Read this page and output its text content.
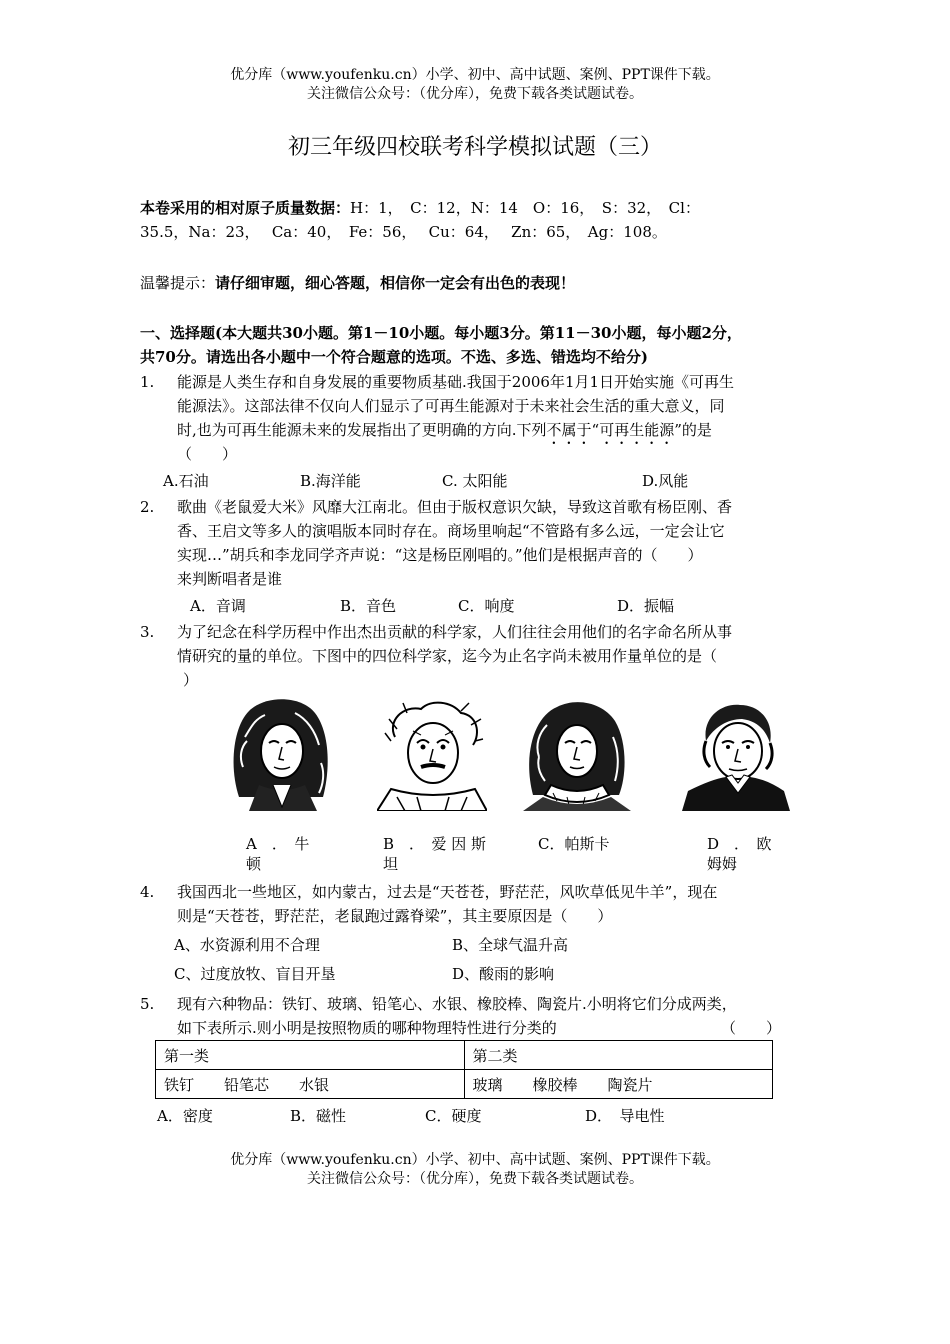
优分库（www.youfenku.cn）小学、初中、高中试题、案例、PPT课件下载。
关注微信公众号：（优分库），免费下载各类试题试卷。
初三年级四校联考科学模拟试题（三）
本卷采用的相对原子质量数据：H：1，　C：12，N：14　O：16，　S：32，　Cl：
35.5，Na：23，　 Ca：40，　Fe：56，　 Cu：64，　 Zn：65，　Ag：108。
温馨提示：请仔细审题，细心答题，相信你一定会有出色的表现！
一、选择题(本大题共30小题。第1－10小题。每小题3分。第11－30小题，每小题2分，
共70分。请选出各小题中一个符合题意的选项。不选、多选、错选均不给分)
1. 能源是人类生存和自身发展的重要物质基础.我国于2006年1月1日开始实施《可再生
能源法》。这部法律不仅向人们显示了可再生能源对于未来社会生活的重大意义，同
时,也为可再生能源未来的发展指出了更明确的方向.下列不属于“可再生能源”的是
（　　）
A.石油	B.海洋能	C. 太阳能	D.风能
2. 歌曲《老鼠爱大米》风靡大江南北。但由于版权意识欠缺，导致这首歌有杨臣刚、香
香、王启文等多人的演唱版本同时存在。商场里响起“不管路有多么远，一定会让它
实现…”胡兵和李龙同学齐声说：“这是杨臣刚唱的。”他们是根据声音的（　　）
来判断唱者是谁
A．音调	B．音色	C．响度	D．振幅
3. 为了纪念在科学历程中作出杰出贡献的科学家，人们往往会用他们的名字命名所从事
情研究的量的单位。下图中的四位科学家，迄今为止名字尚未被用作量单位的是（
）
A　．　牛
顿
B　．　爱 因 斯
坦
C．帕斯卡	D　．　欧
姆姆
4. 我国西北一些地区，如内蒙古，过去是“天苍苍，野茫茫，风吹草低见牛羊”，现在
则是“天苍苍，野茫茫，老鼠跑过露脊梁”，其主要原因是（　　）
A、水资源利用不合理	B、全球气温升高
C、过度放牧、盲目开垦	D、酸雨的影响
5. 现有六种物品：铁钉、玻璃、铅笔心、水银、橡胶棒、陶瓷片.小明将它们分成两类，
如下表所示.则小明是按照物质的哪种物理特性进行分类的	（　　）
第一类	第二类
铁钉　　铅笔芯　　水银	玻璃　　橡胶棒　　陶瓷片
A．密度	B．磁性	C．硬度	D．　导电性
优分库（www.youfenku.cn）小学、初中、高中试题、案例、PPT课件下载。
关注微信公众号：（优分库），免费下载各类试题试卷。
